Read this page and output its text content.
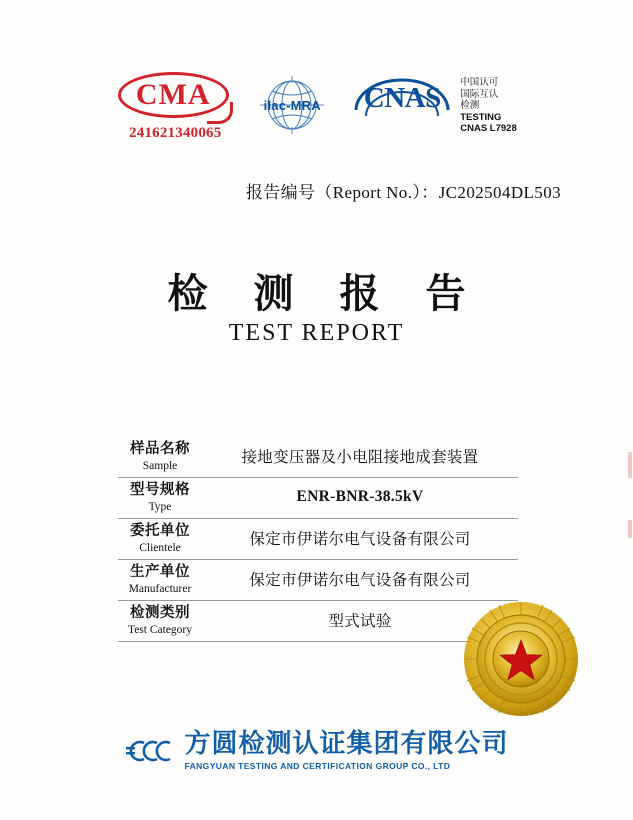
CMA
241621340065
ilac-MRA	CNAS	中国认可
国际互认
检测
TESTING
CNAS L7928
报告编号（Report No.）：JC202504DL503
检 测 报 告
TEST REPORT
样品名称
Sample
接地变压器及小电阻接地成套装置
型号规格
Type
ENR-BNR-38.5kV
委托单位
Clientele
保定市伊诺尔电气设备有限公司
生产单位
Manufacturer
保定市伊诺尔电气设备有限公司
检测类别
Test Category
型式试验
方圆检测认证集团有限公司
FANGYUAN TESTING AND CERTIFICATION GROUP CO., LTD
